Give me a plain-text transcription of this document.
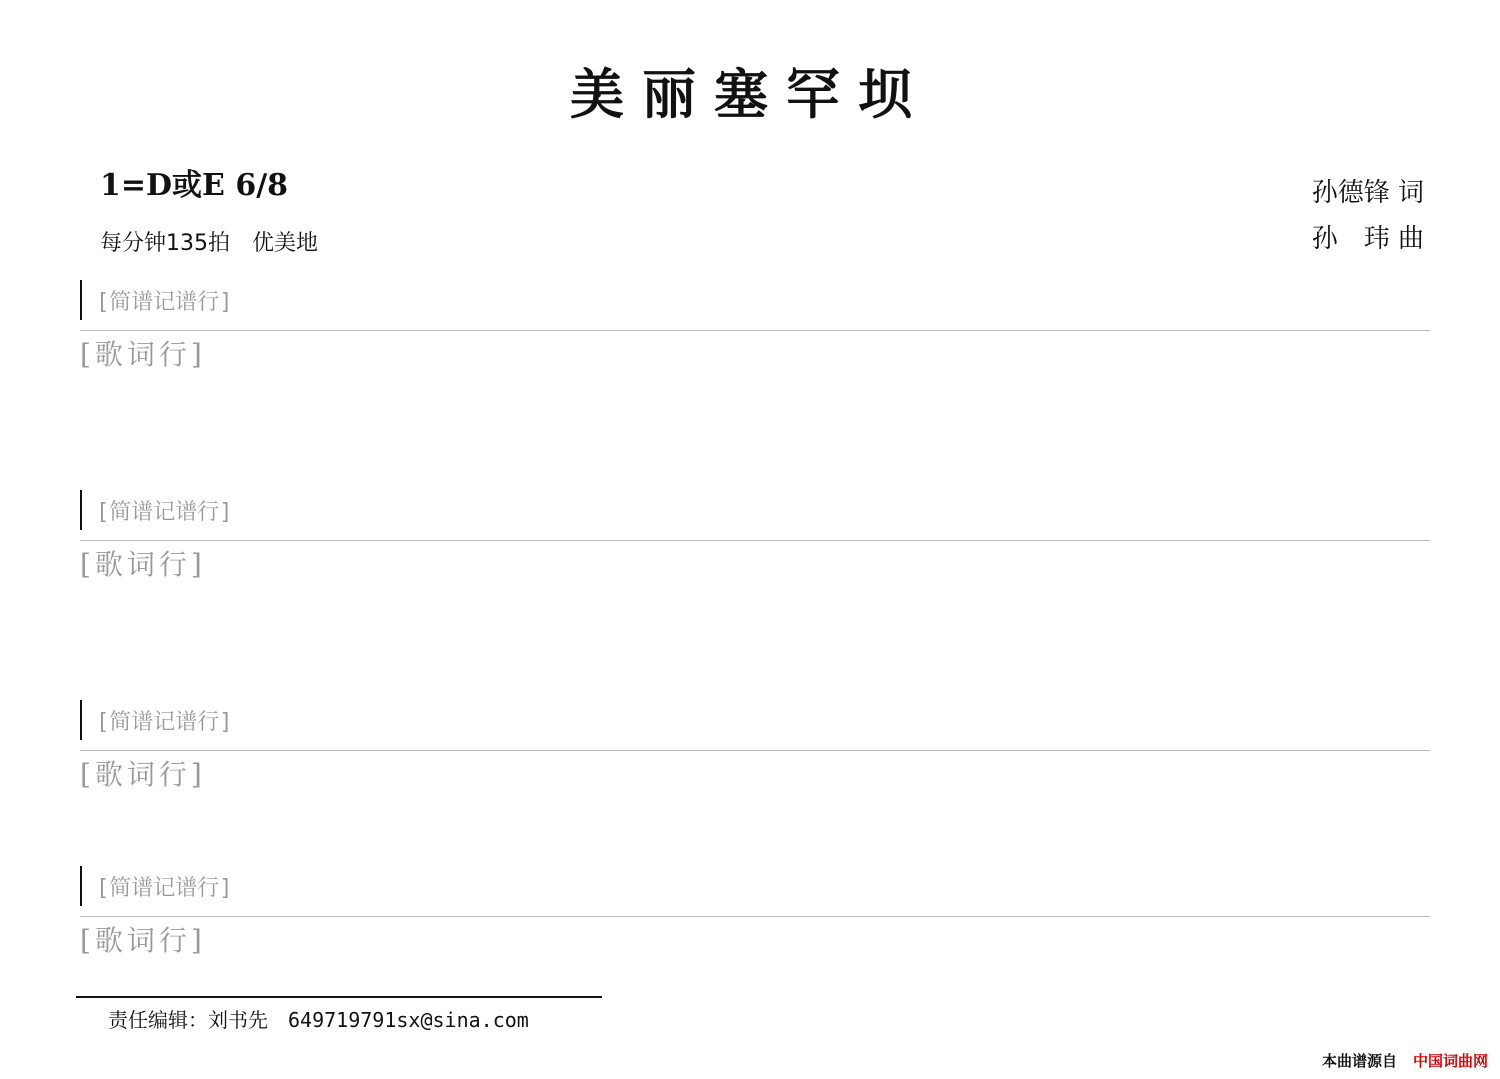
美丽塞罕坝
1=D或E 6/8
每分钟135拍　优美地
孙德锋 词
孙　玮 曲
[简谱记谱行]
[歌词行]
[简谱记谱行]
[歌词行]
[简谱记谱行]
[歌词行]
[简谱记谱行]
[歌词行]
责任编辑：刘书先　649719791sx@sina.com
本曲谱源自 中国词曲网
